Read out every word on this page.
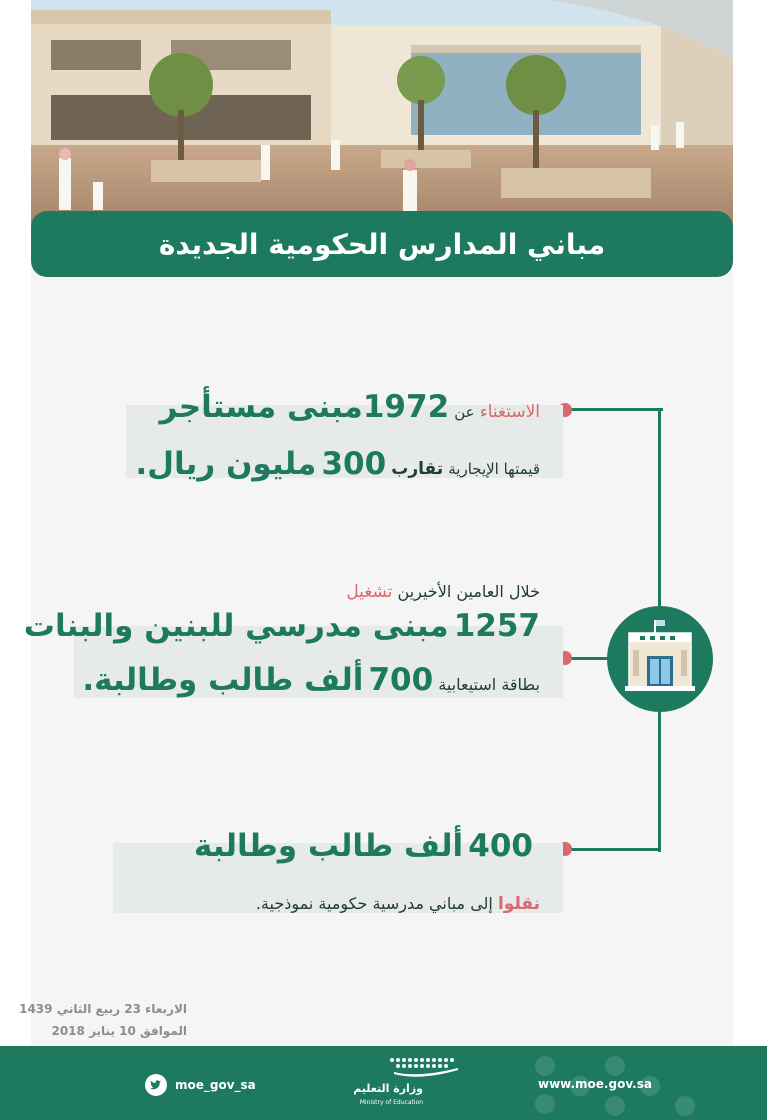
مباني المدارس الحكومية الجديدة
الاستغناء عن 1972مبنى مستأجر
قيمتها الإيجارية تقارب 300 مليون ريال.
خلال العامين الأخيرين تشغيل
1257 مبنى مدرسي للبنين والبنات
بطاقة استيعابية 700 ألف طالب وطالبة.
400 ألف طالب وطالبة
نقلوا إلى مباني مدرسية حكومية نموذجية.
الاربعاء 23 ربيع الثاني 1439
الموافق 10 يناير 2018
moe_gov_sa	وزارة التعليم
Ministry of Education
www.moe.gov.sa
